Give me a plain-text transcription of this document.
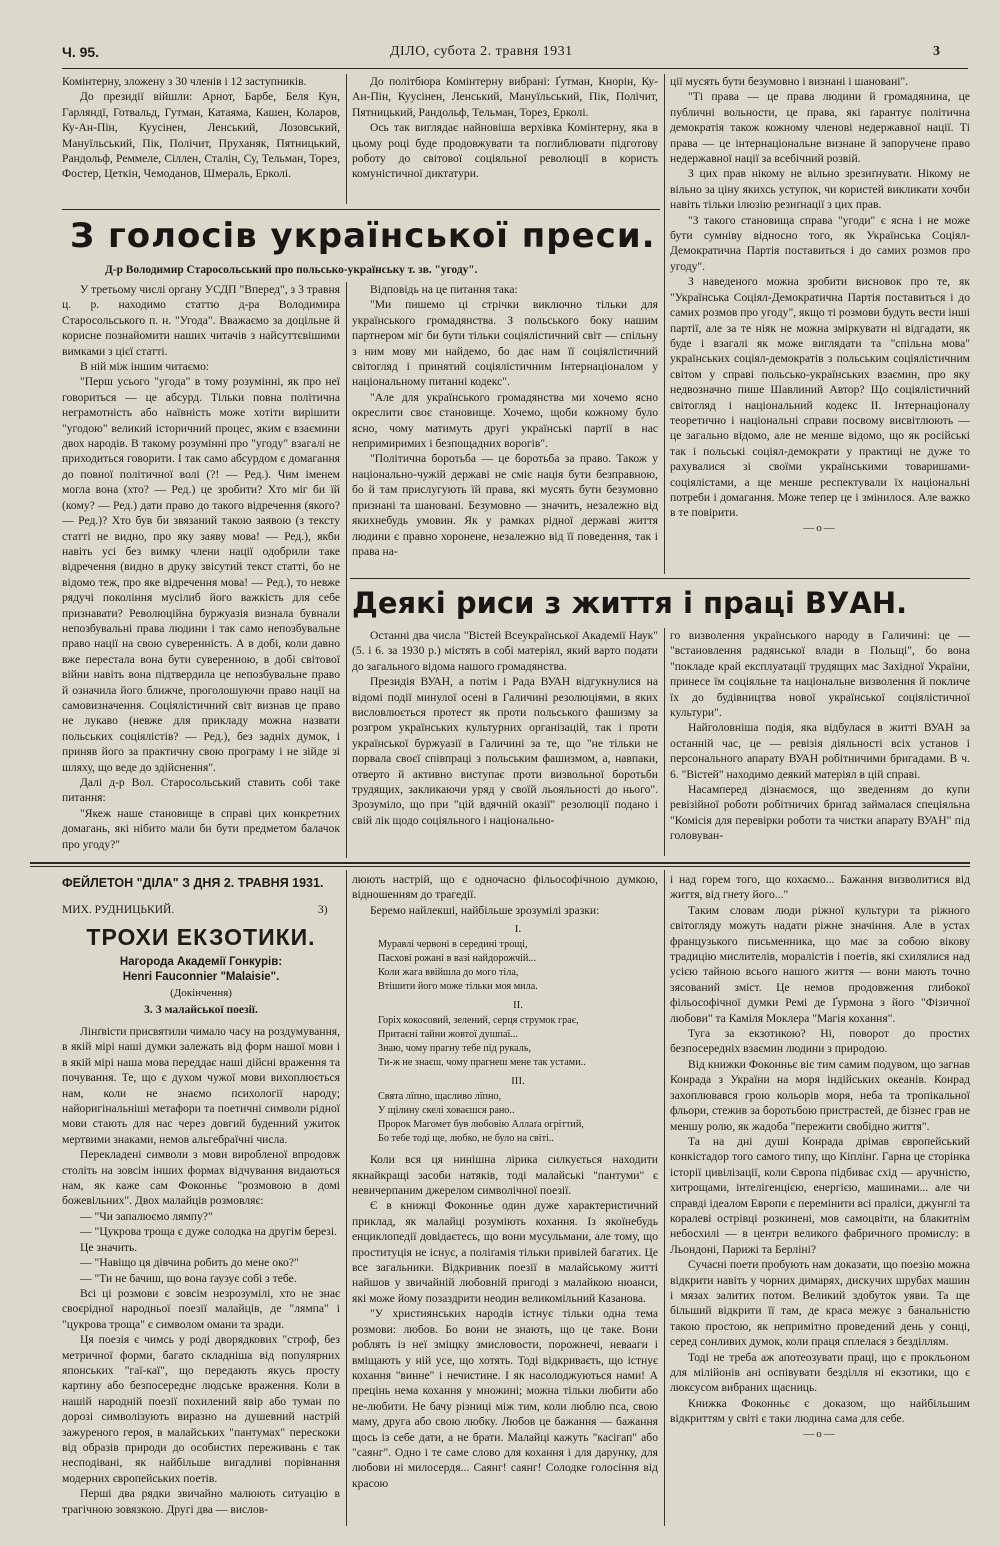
Ч. 95.	ДІЛО, субота 2. травня 1931	3

Комінтерну, зложену з 30 членів і 12 заступників.

До президії війшли: Арнот, Барбе, Беля Кун, Гарляндї, Готвальд, Гутман, Катаяма, Кашен, Коларов, Ку-Ан-Пін, Куусінен, Ленський, Лозовський, Мануїльський, Пік, Полічит, Пруханяк, Пятницький, Рандольф, Реммеле, Сіллен, Сталін, Су, Тельман, Торез, Фостер, Цеткін, Чемоданов, Шмераль, Ерколі.

До політбюра Комінтерну вибрані: Ґутман, Кнорін, Ку-Ан-Пін, Куусінен, Ленський, Мануїльський, Пік, Полічит, Пятницький, Рандольф, Тельман, Торез, Ерколі.

Ось так виглядає найновіша верхівка Комінтерну, яка в цьому році буде продовжувати та поглиблювати підготову роботу до світової соціяльної революції в користь комуністичної диктатури.

ції мусять бути безумовно і визнані і шановані".

"Ті права — це права людини й громадянина, це публичні вольности, це права, які ґарантує політична демократія також кожному членові недержавної нації. Ті права — це інтернаціональне визнане й запоручене право недержавної нації за всебічний розвій.

З цих прав нікому не вільно зрезиґнувати. Нікому не вільно за ціну якихсь уступок, чи користей викликати хочби навіть тільки ілюзію резиґнації з цих прав.

"З такого становища справа "угоди" є ясна і не може бути сумніву відносно того, як Українська Соціял-Демократична Партія поставиться і до самих розмов про угоду".

З наведеного можна зробити висновок про те, як "Українська Соціял-Демократична Партія поставиться і до самих розмов про угоду", якщо ті розмови будуть вести інші партії, але за те ніяк не можна зміркувати ні відгадати, як буде і взагалі як може виглядати та "спільна мова" українських соціял-демократів з польським соціялістичним світом у справі польсько-українських взаємин, про яку недвозначно пише Шавлиний Автор? Що соціялістичний світогляд і національний кодекс II. Інтернаціоналу теоретично і національні справи посвому висвітлюють — це загально відомо, але не менше відомо, що як російські так і польські соціял-демократи у практиці не дуже то рахувалися зі своїми українськими товаришами-соціялістами, а ще менше респектували їх національні потреби і домагання. Може тепер це і змінилося. Але важко в те повірити.

—o—
З голосів української преси.
Д-р Володимир Старосольський про польсько-українську т. зв. "угоду".

У третьому числі органу УСДП "Вперед", з 3 травня ц. р. находимо статтю д-ра Володимира Старосольського п. н. "Угода". Вважаємо за доцільне й корисне познайомити наших читачів з найсуттєвішими вимками з цієї статті.

В ній між іншим читаємо:

"Перш усього "угода" в тому розумінні, як про неї говориться — це абсурд. Тільки повна політична неграмотність або наївність може хотіти вирішити "угодою" великий історичний процес, яким є взаємини двох народів. В такому розумінні про "угоду" взагалі не приходиться говорити. І так само абсурдом є домагання до повної політичної волі (?! — Ред.). Чим іменем могла вона (хто? — Ред.) це зробити? Хто міг би їй (кому? — Ред.) дати право до такого відречення (якого? — Ред.)? Хто був би звязаний такою заявою (з тексту статті не видно, про яку заяву мова! — Ред.), якби навіть усі без вимку члени нації одобрили таке відречення (видно в друку звісутий текст статті, бо не відомо теж, про яке відречення мова! — Ред.), то невже рядучі покоління мусілиб його важкість для себе признавати? Революційна буржуазія визнала бувнали непозбувальні права людини і так само непозбувальне право нації на свою суверенність. А в добі, коли давно вже перестала вона бути суверенною, в добі світової війни навіть вона підтвердила це непозбувальне право й означила його ближче, проголошуючи право нації на самовизначення. Соціялістичний світ визнав це право не лукаво (невже для прикладу можна назвати польських соціялістів? — Ред.), без задніх думок, і приняв його за практичну свою програму і не зійде зі шляху, що веде до здійснення".

Далі д-р Вол. Старосольський ставить собі таке питання:

"Якеж наше становище в справі цих конкретних домагань, які нібито мали би бути предметом балачок про угоду?"

Відповідь на це питання така:

"Ми пишемо ці стрічки виключно тільки для українського громадянства. З польського боку нашим партнером міг би бути тільки соціялістичний світ — спільну з ним мову ми найдемо, бо дає нам її соціялістичний світогляд і принятий соціялістичним Інтернаціоналом у національному питанні кодекс".

"Але для українського громадянства ми хочемо ясно окреслити своє становище. Хочемо, щоби кожному було ясно, чому матимуть другі українські партії в нас непримиримих і безпощадних ворогів".

"Політична боротьба — це боротьба за право. Також у національно-чужій державі не сміє нація бути безправною, бо й там прислугують їй права, які мусять бути безумовно признані та шановані. Безумовно — значить, незалежно від якихнебудь умовин. Як у рамках рідної державі життя людини є правно хоронене, незалежно від її поведення, так і права на-

Деякі риси з життя і праці ВУАН.

Останні два числа "Вістей Всеукраїнської Академії Наук" (5. і 6. за 1930 р.) містять в собі матеріял, який варто подати до загального відома нашого громадянства.

Президія ВУАН, а потім і Рада ВУАН відгукнулися на відомі події минулої осені в Галичині резолюціями, в яких висловлюється протест як проти польського фашизму за розгром українських культурних організацій, так і проти української буржуазії в Галичині за те, що "не тільки не порвала своєї співпраці з польським фашизмом, а, навпаки, отверто й активно виступає проти визвольної боротьби трудящих, закликаючи уряд у своїй льояльності до нього". Зрозуміло, що при "цій вдячній оказії" резолюції подано і свій лік щодо соціяльного і національно-

го визволення українського народу в Галичині: це — "встановлення радянської влади в Польщі", бо вона "покладе край експлуатації трудящих мас Західної України, принесе їм соціяльне та національне визволення й покличе їх до будівництва нової української соціялістичної культури".

Найголовніша подія, яка відбулася в житті ВУАН за останній час, це — ревізія діяльності всіх установ і персонального апарату ВУАН робітничими бригадами. В ч. 6. "Вістей" находимо деякий матеріял в цій справі.

Насамперед дізнаємося, що зведенням до купи ревізійної роботи робітничих бриґад займалася спеціяльна "Комісія для перевірки роботи та чистки апарату ВУАН" під головуван-

ФЕЙЛЕТОН "ДІЛА" З ДНЯ 2. ТРАВНЯ 1931.
МИХ. РУДНИЦЬКИЙ.	3)
ТРОХИ ЕКЗОТИКИ.
Нагорода Академії Гонкурів:
Henri Fauconnier "Malaisie".
(Докінчення)
3. З малайської поезії.

Лінґвісти присвятили чимало часу на роздумування, в якій мірі наші думки залежать від форм нашої мови і в якій мірі наша мова переддає наші дійсні враження та почування. Те, що є духом чужої мови вихоплюється нам, коли не знаємо психології народу; найоригінальніші метафори та поетичні символи рідної мови стають для нас через довгий буденний ужиток мертвими знаками, немов альгебраїчні числа.

Перекладені символи з мови виробленої впродовж століть на зовсім інших формах відчування видаються нам, як каже сам Фоконньє "розмовою в домі божевільних". Двох малайців розмовляє:

— "Чи запалюємо лямпу?"

— "Цукрова троща є дуже солодка на другім березі.

Це значить.

— "Навіщо ця дівчина робить до мене око?"

— "Ти не бачиш, що вона ґаузує собі з тебе.

Всі ці розмови є зовсім незрозумілі, хто не знає своєрідної народньої поезії малайців, де "лямпа" і "цукрова троща" є символом омани та зради.

Ця поезія є чимсь у роді дворядкових "строф, без метричної форми, багато складніша від популярних японських "гаї-каї", що передають якусь просту картину або безпосереднє людське враження. Коли в нашій народній поезії похилений явір або туман по дорозі символізують виразно на душевний настрій зажуреного героя, в малайських "пантумах" перескоки від образів природи до особистих переживань є так несподівані, як найбільше вигадливі порівнання модерних європейських поетів.

Перші два рядки звичайно малюють ситуацію в трагічною зовязкою. Другі два — вислов-

люють настрій, що є одночасно фільософічною думкою, відношенням до трагедії.

Беремо найлекші, найбільше зрозумілі зразки:

I.
Муравлі червоні в середині трощі,
Пасхові рожані в вазі найдорожчій...
Коли жага ввійшла до мого тіла,
Втішити його може тільки моя мила.
II.
Горіх кокосовий, зелений, серця струмок грає,
Притаєні тайни жовтої душпаї...
Знаю, чому прагну тебе під рукаль,
Ти-ж не знаєш, чому прагнеш мене так устами..
III.
Свята лїпно, щасливо лїпно,
У щілину скелі ховаєшся рано..
Пророк Магомет був любовію Аллаґа огріттий,
Бо тебе тоді ще, любко, не було на світі..

Коли вся ця нинішна лірика силкується находити якнайкращі засоби натяків, тоді малайські "пантуми" є невичерпаним джерелом символічної поезії.

Є в книжці Фоконнье один дуже характеристичний приклад, як малайці розуміють кохання. Із якоїнебудь енциклопедії довідаєтесь, що вони мусульмани, але тому, що проституція не існує, а поліґамія тільки привілей багатих. Це все загальники. Відкривник поезії в малайському житті найшов у звичайній любовній пригоді з малайкою нюанси, які може йому позаздрити неодин великомільний Казанова.

"У християнських народів істнує тільки одна тема розмови: любов. Бо вони не знають, що це таке. Вони роблять із неї зміщку змисловости, порожнечі, невааги і вміщають у ній усе, що хотять. Тоді відкриваєть, що істнує кохання "винне" і нечистине. І як насолоджуються нами! А прецінь нема кохання у множині; можна тільки любити або не-любити. Не бачу різниці між тим, коли люблю пса, свою маму, друга або свою любку. Любов це бажання — бажання щось із себе дати, а не брати. Малайці кажуть "касігап" або "саянг". Одно і те саме слово для кохання і для дарунку, для любови ні милосердя... Саянг! саянг! Солодке голосіння від красою

і над горем того, що кохаємо... Бажання визволитися від життя, від гнету його..."

Таким словам люди ріжної культури та ріжного світогляду можуть надати ріжне значіння. Але в устах французького письменника, що має за собою вікову традицію мислителів, моралістів і поетів, які схилялися над усією тайною всього нашого життя — вони мають точно зясований зміст. Це немов продовження глибокої фільософічної думки Ремі де Ґурмона з його "Фізичної любови" та Каміля Моклера "Магія кохання".

Туга за екзотикою? Ні, поворот до простих безпосередніх взаємин людини з природою.

Від книжки Фоконньє віє тим самим подувом, що загнав Конрада з України на моря індійських океанів. Конрад захоплювався грою кольорів моря, неба та тропікальної фльори, стежив за боротьбою пристрастей, де бізнес грав не меншу ролю, як жадоба "пережити свобідно життя".

Та на дні душі Конрада дрімав європейський конкістадор того самого типу, що Кіплінґ. Гарна це сторінка історії цивілізації, коли Європа підбиває схід — аручністю, хитрощами, інтелігенцією, енергією, машинами... але чи справді ідеалом Европи є перемінити всі праліси, джунглі та коралеві острівці розкинені, мов самоцвіти, на блакитнім небосхилі — в центри великого фабричного промислу: в Льондоні, Парижі та Берліні?

Сучасні поети пробують нам доказати, що поезію можна відкрити навіть у чорних димарях, дискучих шрубах машин і мязах залитих потом. Великий здобуток уяви. Та ще більший відкрити її там, де краса межує з банальністю такою простою, як непримітно проведений день у сонці, серед сонливих думок, коли праця сплелася з безділлям.

Тоді не треба аж апотеозувати праці, що є прокльоном для мілійонів ані оспівувати безділля ні екзотики, що є люксусом вибраних щасниць.

Книжка Фоконньє є доказом, що найбільшим відкриттям у світі є таки людина сама для себе.

—o—
